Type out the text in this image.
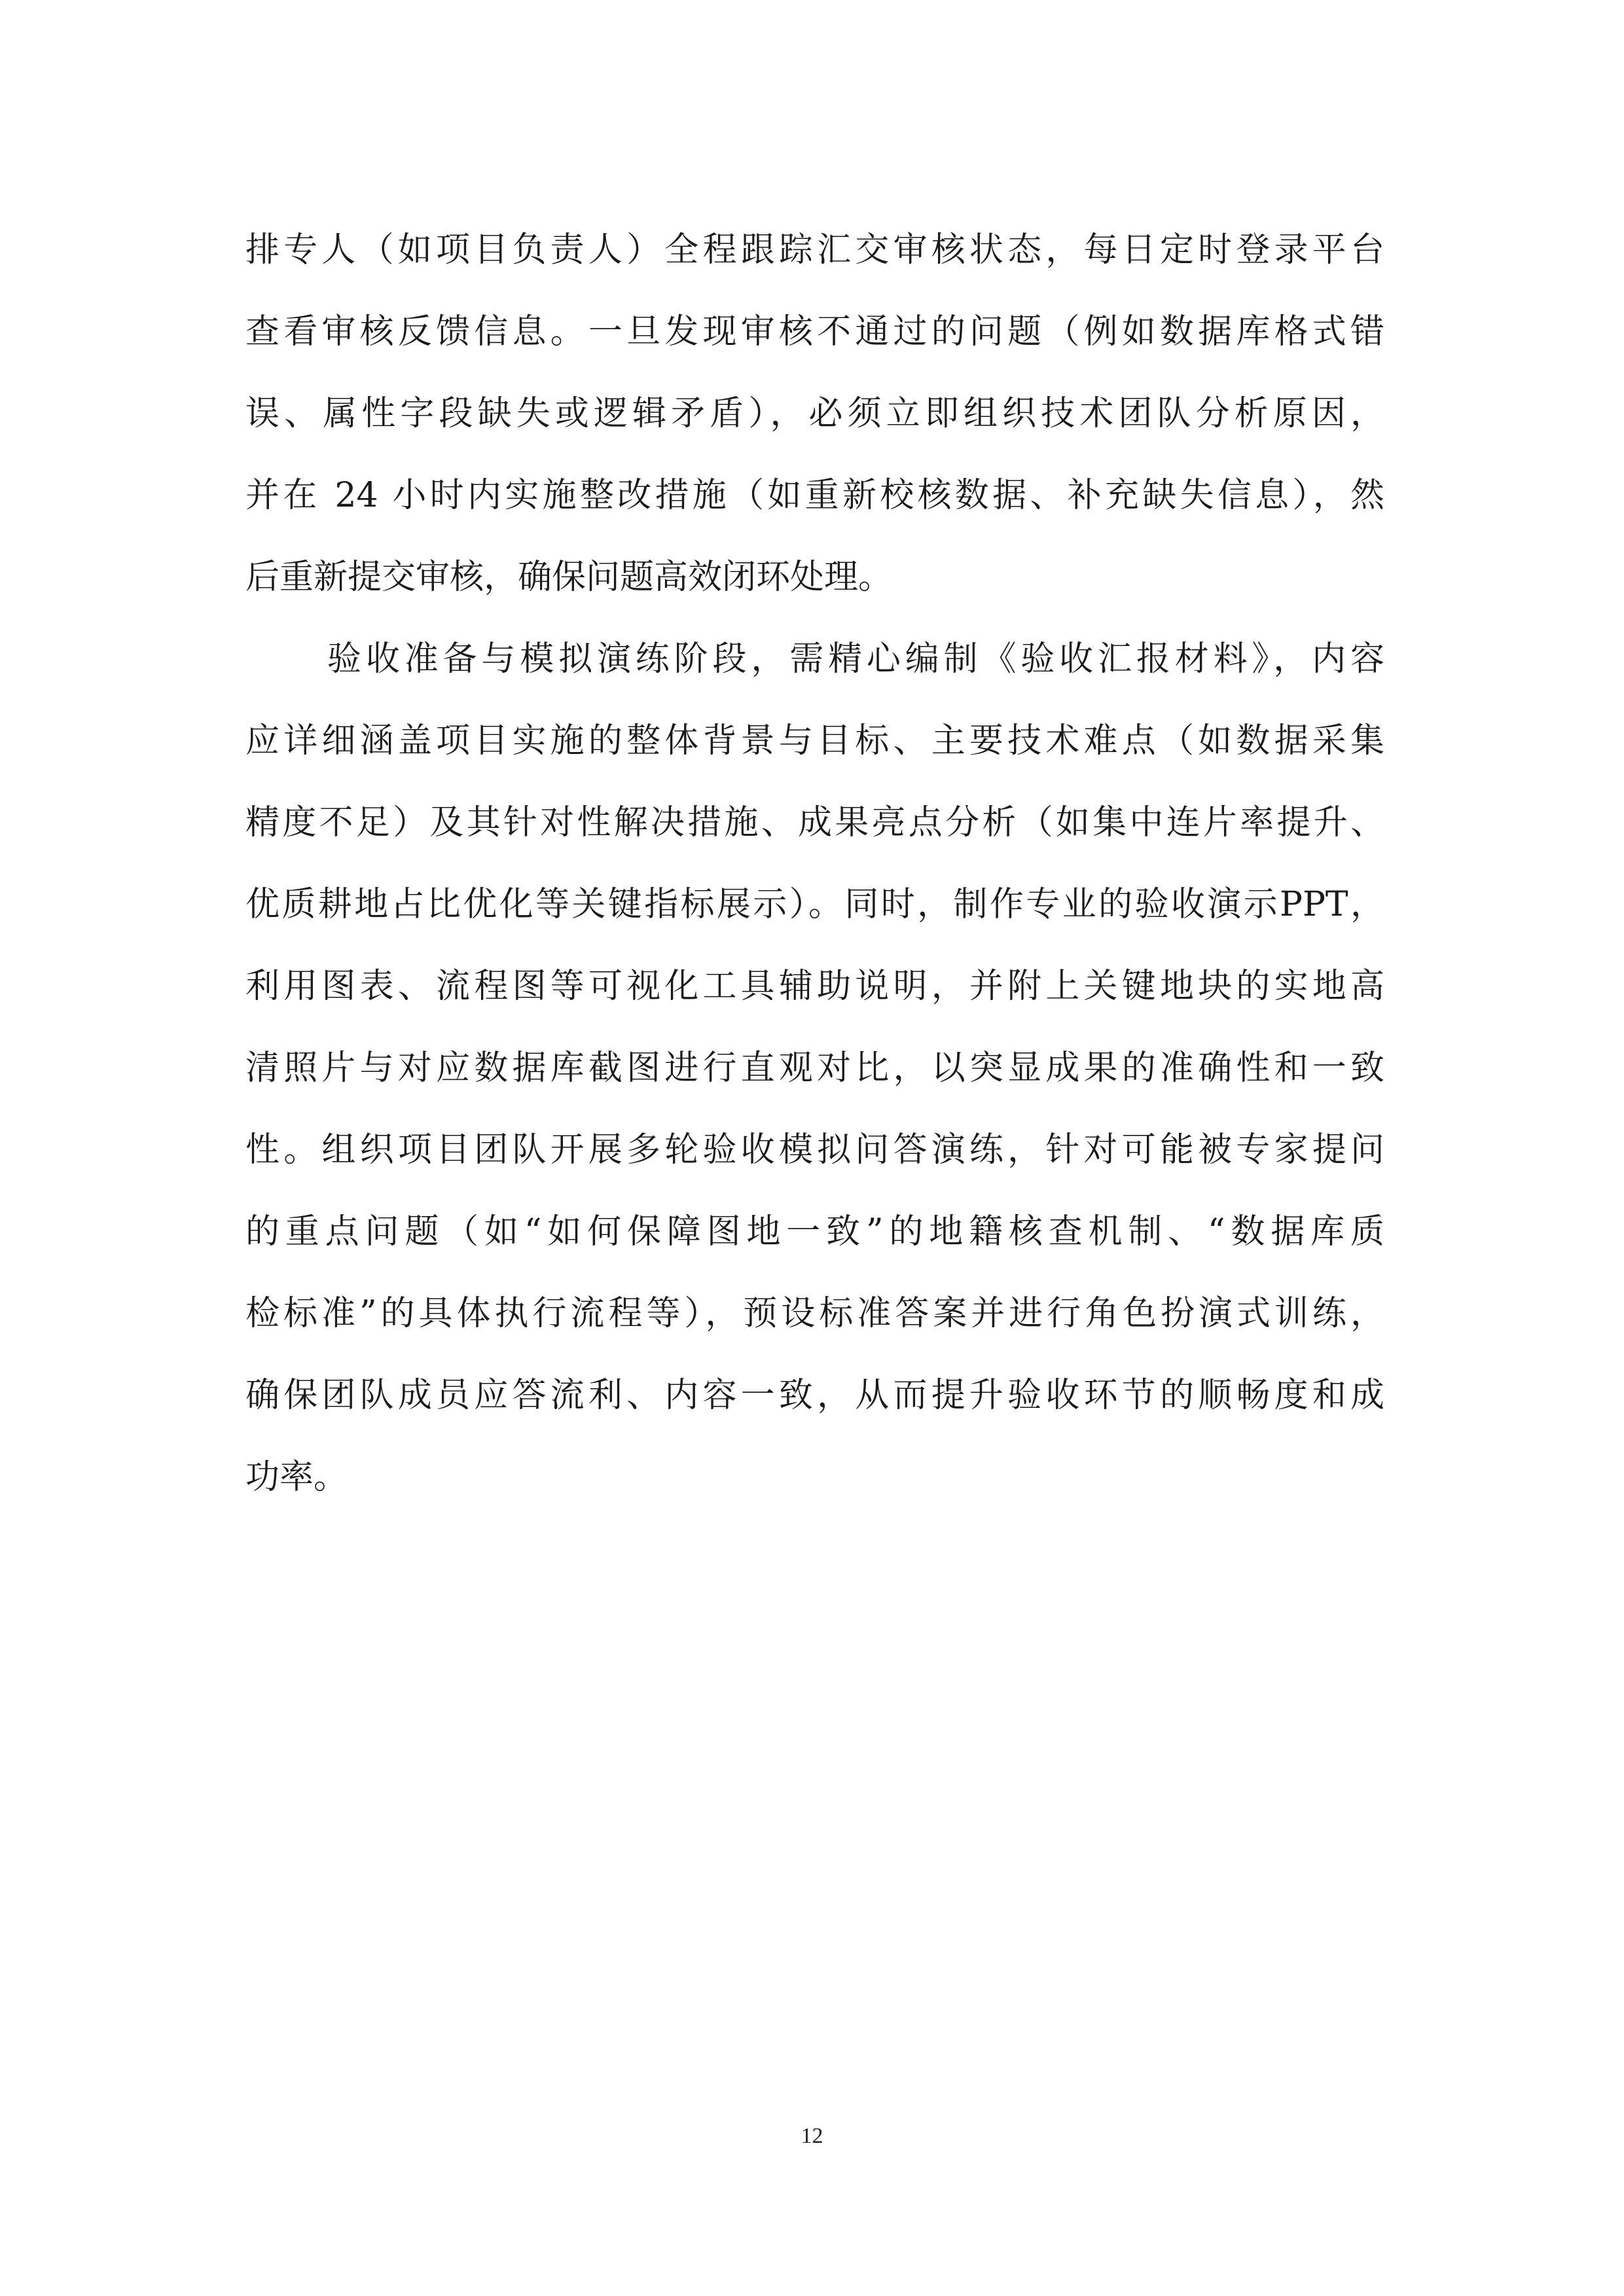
排专人（如项目负责人）全程跟踪汇交审核状态，每日定时登录平台
查看审核反馈信息。一旦发现审核不通过的问题（例如数据库格式错
误、属性字段缺失或逻辑矛盾），必须立即组织技术团队分析原因，
并在 24 小时内实施整改措施（如重新校核数据、补充缺失信息），然
后重新提交审核，确保问题高效闭环处理。
验收准备与模拟演练阶段，需精心编制《验收汇报材料》，内容
应详细涵盖项目实施的整体背景与目标、主要技术难点（如数据采集
精度不足）及其针对性解决措施、成果亮点分析（如集中连片率提升、
优质耕地占比优化等关键指标展示）。同时，制作专业的验收演示PPT，
利用图表、流程图等可视化工具辅助说明，并附上关键地块的实地高
清照片与对应数据库截图进行直观对比，以突显成果的准确性和一致
性。组织项目团队开展多轮验收模拟问答演练，针对可能被专家提问
的重点问题（如“如何保障图地一致”的地籍核查机制、“数据库质
检标准”的具体执行流程等），预设标准答案并进行角色扮演式训练，
确保团队成员应答流利、内容一致，从而提升验收环节的顺畅度和成
功率。
12
